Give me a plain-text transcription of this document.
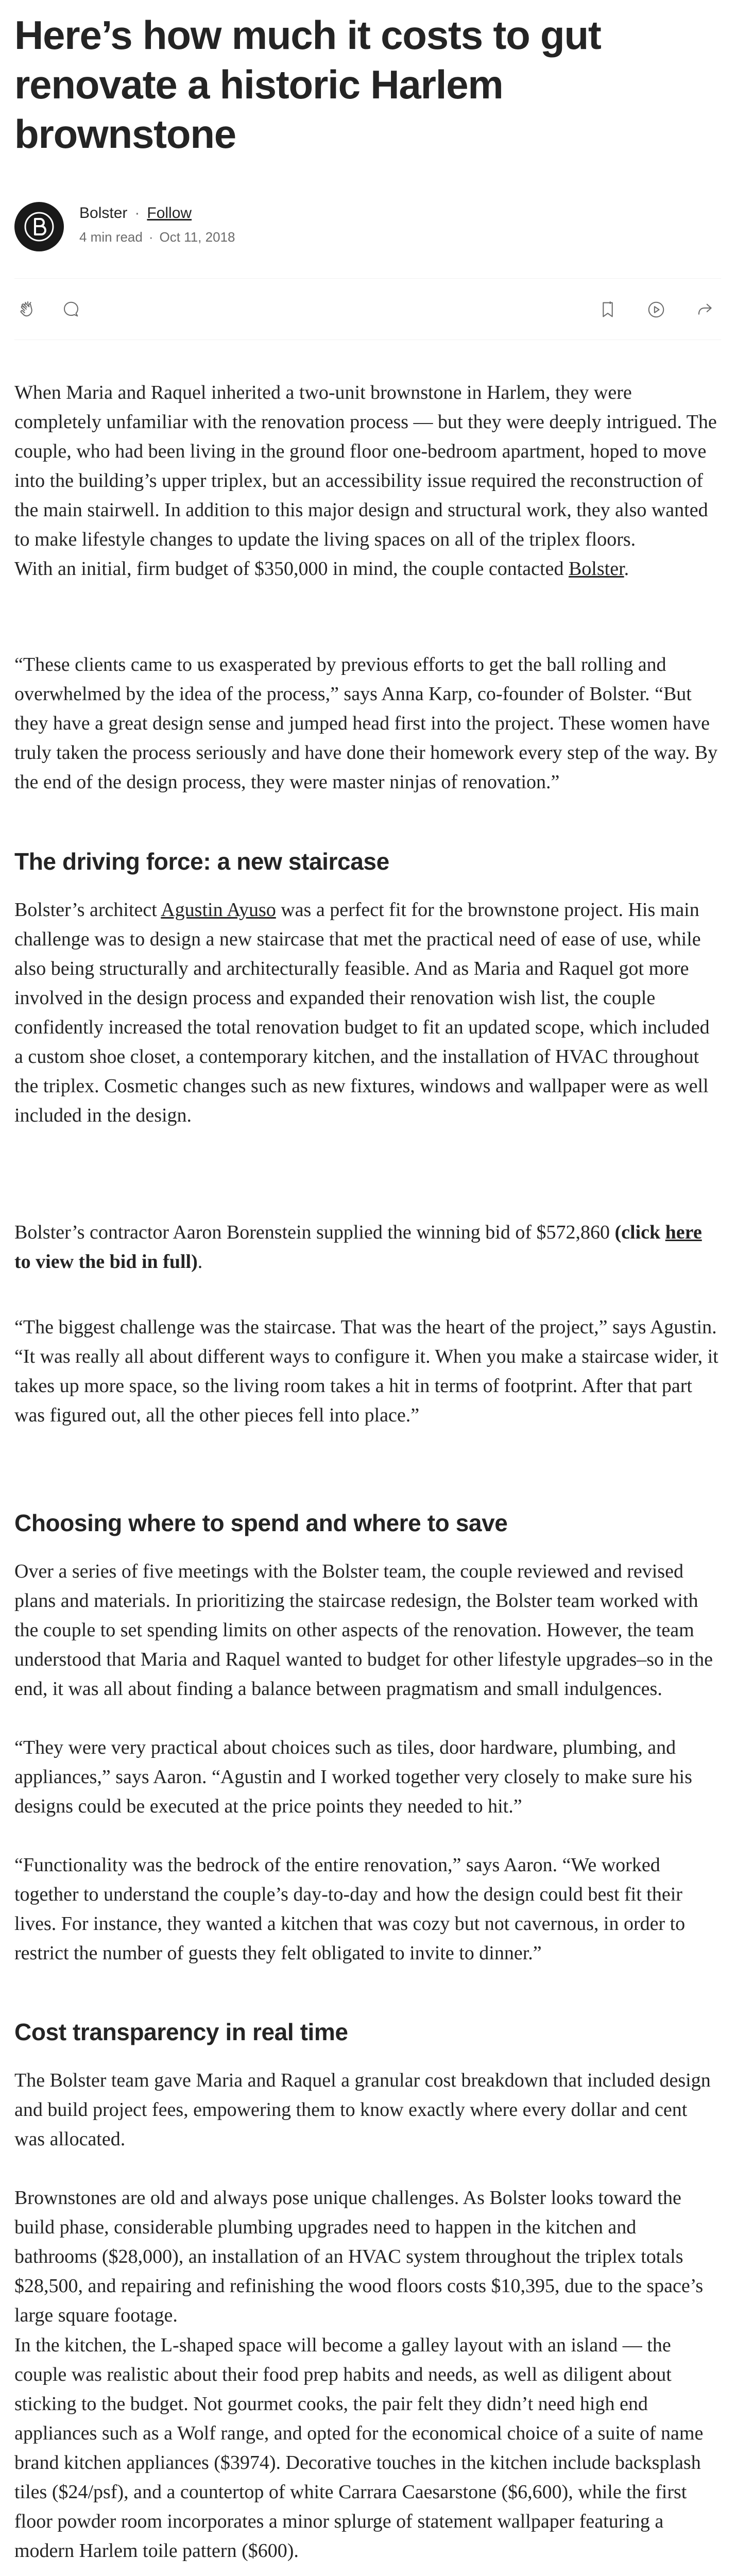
Here’s how much it costs to gut renovate a historic Harlem brownstone
Bolster · Follow
4 min read · Oct 11, 2018

When Maria and Raquel inherited a two-unit brownstone in Harlem, they were completely unfamiliar with the renovation process — but they were deeply intrigued. The couple, who had been living in the ground floor one-bedroom apartment, hoped to move into the building’s upper triplex, but an accessibility issue required the reconstruction of the main stairwell. In addition to this major design and structural work, they also wanted to make lifestyle changes to update the living spaces on all of the triplex floors.

With an initial, firm budget of $350,000 in mind, the couple contacted Bolster.

“These clients came to us exasperated by previous efforts to get the ball rolling and overwhelmed by the idea of the process,” says Anna Karp, co-founder of Bolster. “But they have a great design sense and jumped head first into the project. These women have truly taken the process seriously and have done their homework every step of the way. By the end of the design process, they were master ninjas of renovation.”

The driving force: a new staircase

Bolster’s architect Agustin Ayuso was a perfect fit for the brownstone project. His main challenge was to design a new staircase that met the practical need of ease of use, while also being structurally and architecturally feasible. And as Maria and Raquel got more involved in the design process and expanded their renovation wish list, the couple confidently increased the total renovation budget to fit an updated scope, which included a custom shoe closet, a contemporary kitchen, and the installation of HVAC throughout the triplex. Cosmetic changes such as new fixtures, windows and wallpaper were as well included in the design.

Bolster’s contractor Aaron Borenstein supplied the winning bid of $572,860 (click here to view the bid in full).

“The biggest challenge was the staircase. That was the heart of the project,” says Agustin. “It was really all about different ways to configure it. When you make a staircase wider, it takes up more space, so the living room takes a hit in terms of footprint. After that part was figured out, all the other pieces fell into place.”

Choosing where to spend and where to save

Over a series of five meetings with the Bolster team, the couple reviewed and revised plans and materials. In prioritizing the staircase redesign, the Bolster team worked with the couple to set spending limits on other aspects of the renovation. However, the team understood that Maria and Raquel wanted to budget for other lifestyle upgrades–so in the end, it was all about finding a balance between pragmatism and small indulgences.

“They were very practical about choices such as tiles, door hardware, plumbing, and appliances,” says Aaron. “Agustin and I worked together very closely to make sure his designs could be executed at the price points they needed to hit.”

“Functionality was the bedrock of the entire renovation,” says Aaron. “We worked together to understand the couple’s day-to-day and how the design could best fit their lives. For instance, they wanted a kitchen that was cozy but not cavernous, in order to restrict the number of guests they felt obligated to invite to dinner.”

Cost transparency in real time

The Bolster team gave Maria and Raquel a granular cost breakdown that included design and build project fees, empowering them to know exactly where every dollar and cent was allocated.

Brownstones are old and always pose unique challenges. As Bolster looks toward the build phase, considerable plumbing upgrades need to happen in the kitchen and bathrooms ($28,000), an installation of an HVAC system throughout the triplex totals $28,500, and repairing and refinishing the wood floors costs $10,395, due to the space’s large square footage.

In the kitchen, the L-shaped space will become a galley layout with an island — the couple was realistic about their food prep habits and needs, as well as diligent about sticking to the budget. Not gourmet cooks, the pair felt they didn’t need high end appliances such as a Wolf range, and opted for the economical choice of a suite of name brand kitchen appliances ($3974). Decorative touches in the kitchen include backsplash tiles ($24/psf), and a countertop of white Carrara Caesarstone ($6,600), while the first floor powder room incorporates a minor splurge of statement wallpaper featuring a modern Harlem toile pattern ($600).
